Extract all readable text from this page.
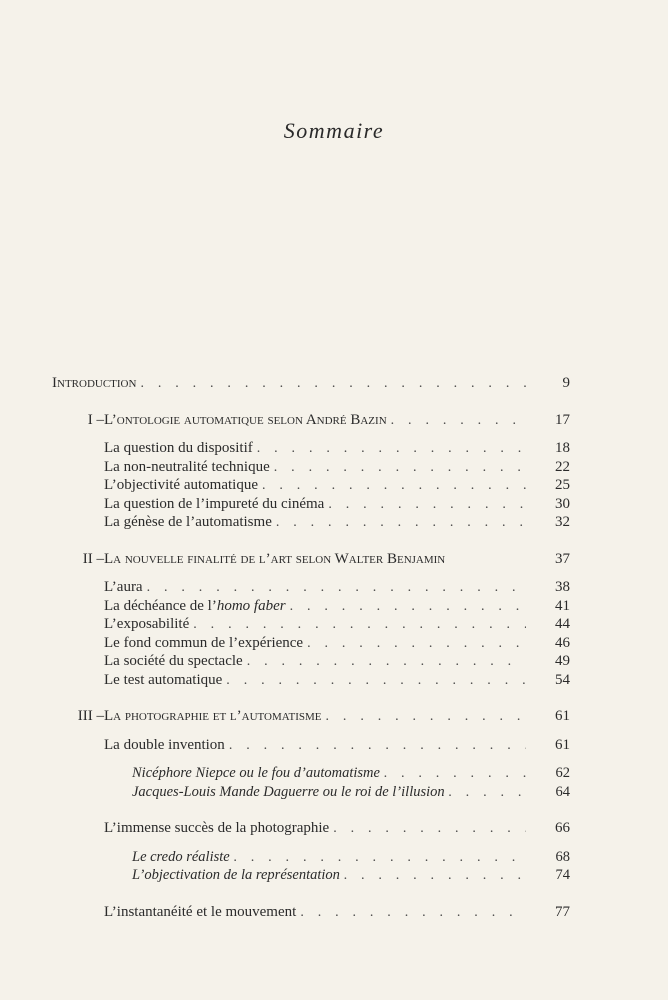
Sommaire
Introduction . . .	9
I –L’ontologie automatique selon André Bazin . . .	17
La question du dispositif . . .	18
La non-neutralité technique . . .	22
L’objectivité automatique . . .	25
La question de l’impureté du cinéma . . .	30
La génèse de l’automatisme . . .	32
II –La nouvelle finalité de l’art selon Walter Benjamin	37
L’aura . . .	38
La déchéance de l’homo faber . . .	41
L’exposabilité . . .	44
Le fond commun de l’expérience . . .	46
La société du spectacle . . .	49
Le test automatique . . .	54
III –La photographie et l’automatisme . . .	61
La double invention . . .	61
Nicéphore Niepce ou le fou d’automatisme . . .	62
Jacques-Louis Mande Daguerre ou le roi de l’illusion . . .	64
L’immense succès de la photographie . . .	66
Le credo réaliste . . .	68
L’objectivation de la représentation . . .	74
L’instantanéité et le mouvement . . .	77
